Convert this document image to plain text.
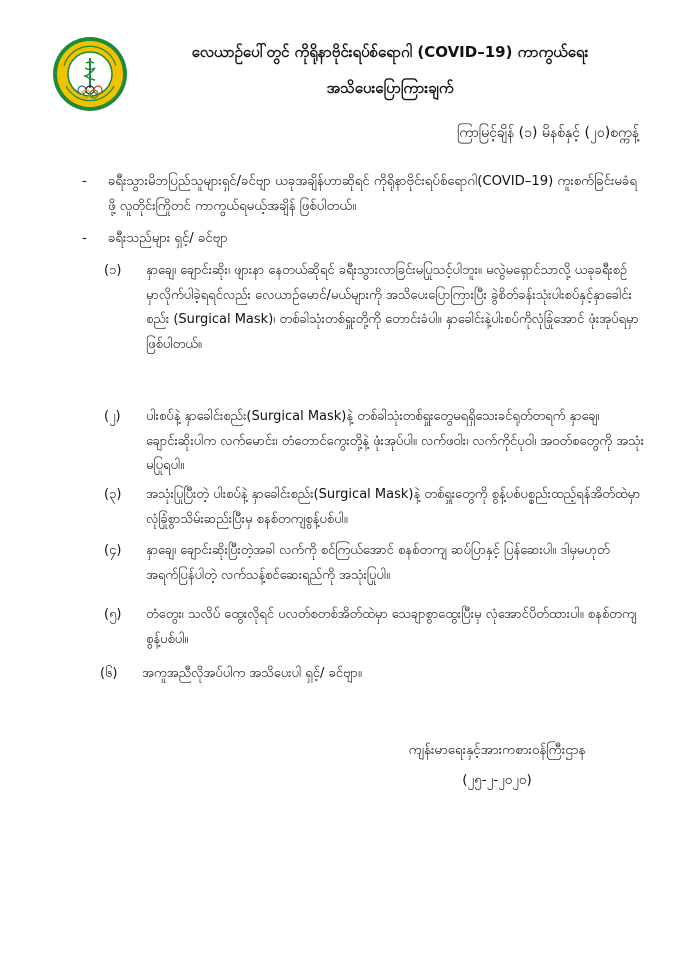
လေယာဉ်ပေါ်တွင် ကိုရိုနာဗိုင်းရပ်စ်ရောဂါ (COVID–19) ကာကွယ်ရေး
အသိပေးပြောကြားချက်
ကြာမြင့်ချိန် (၁) မိနစ်နှင့် (၂၀)စက္ကန့်
-	ခရီးသွားမိဘပြည်သူများရှင်/ခင်ဗျာ ယခုအချိန်ဟာဆိုရင် ကိုရိုနာဗိုင်းရပ်စ်ရောဂါ(COVID–19) ကူးစက်ခြင်းမခံရဖို့ လူတိုင်းကြိုတင် ကာကွယ်ရမယ့်အချိန် ဖြစ်ပါတယ်။
-	ခရီးသည်များ ရှင့်/ ခင်ဗျာ
(၁)	နှာချေ၊ ချောင်းဆိုး၊ ဖျားနာ နေတယ်ဆိုရင် ခရီးသွားလာခြင်းမပြုသင့်ပါဘူး။ မလွဲမရှောင်သာလို့ ယခုခရီးစဉ်မှာလိုက်ပါခဲ့ရရင်လည်း လေယာဉ်မောင်/မယ်များကို အသိပေးပြောကြားပြီး ခွဲစိတ်ခန်းသုံးပါးစပ်နှင့်နှာခေါင်းစည်း (Surgical Mask)၊ တစ်ခါသုံးတစ်ရှူးတို့ကို တောင်းခံပါ။ နှာခေါင်းနဲ့ပါးစပ်ကိုလုံခြုံအောင် ဖုံးအုပ်ရမှာ ဖြစ်ပါတယ်။
(၂)	ပါးစပ်နဲ့ နှာခေါင်းစည်း(Surgical Mask)နဲ့ တစ်ခါသုံးတစ်ရှူးတွေမရရှိသေးခင်ရုတ်တရက် နှာချေ၊ ချောင်းဆိုးပါက လက်မောင်း၊ တံတောင်ကွေးတို့နဲ့ ဖုံးအုပ်ပါ။ လက်ဖဝါး၊ လက်ကိုင်ပုဝါ၊ အဝတ်စတွေကို အသုံးမပြုရပါ။
(၃)	အသုံးပြုပြီးတဲ့ ပါးစပ်နဲ့ နှာခေါင်းစည်း(Surgical Mask)နဲ့ တစ်ရှူးတွေကို စွန့်ပစ်ပစ္စည်းထည့်ရန်အိတ်ထဲမှာ လုံခြုံစွာသိမ်းဆည်းပြီးမှ စနစ်တကျစွန့်ပစ်ပါ။
(၄)	နှာချေ၊ ချောင်းဆိုးပြီးတဲ့အခါ လက်ကို စင်ကြယ်အောင် စနစ်တကျ ဆပ်ပြာနှင့် ပြန်ဆေးပါ။ ဒါမှမဟုတ် အရက်ပြန်ပါတဲ့ လက်သန့်စင်ဆေးရည်ကို အသုံးပြုပါ။
(၅)	တံတွေး၊ သလိပ် ထွေးလိုရင် ပလတ်စတစ်အိတ်ထဲမှာ သေချာစွာထွေးပြီးမှ လုံအောင်ပိတ်ထားပါ။ စနစ်တကျ စွန့်ပစ်ပါ။
(၆)	အကူအညီလိုအပ်ပါက အသိပေးပါ ရှင့်/ ခင်ဗျာ။
ကျန်းမာရေးနှင့်အားကစားဝန်ကြီးဌာန
(၂၅-၂-၂၀၂၀)
